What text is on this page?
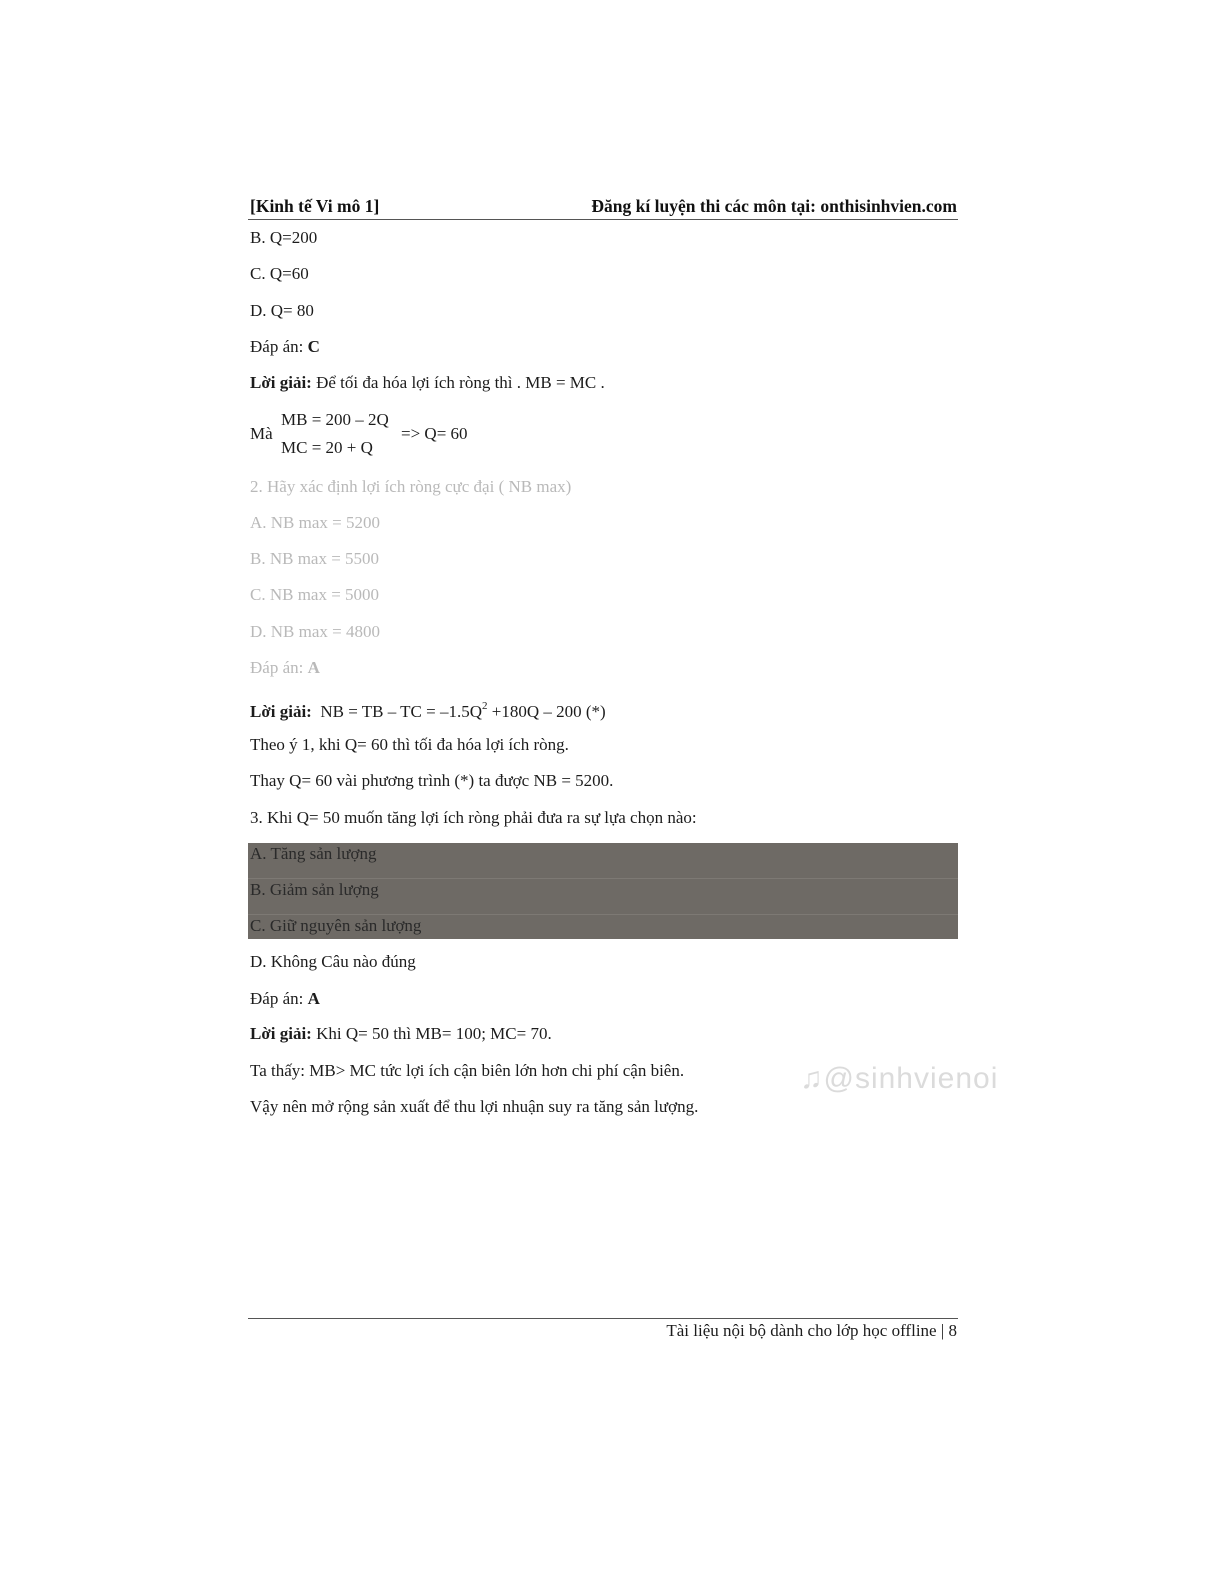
[Kinh tế Vi mô 1]	Đăng kí luyện thi các môn tại: onthisinhvien.com
B. Q=200
C. Q=60
D. Q= 80
Đáp án: C
Lời giải: Để tối đa hóa lợi ích ròng thì . MB = MC .
Mà
MB = 200 – 2Q
MC = 20 + Q
=> Q= 60
2. Hãy xác định lợi ích ròng cực đại ( NB max)
A. NB max = 5200
B. NB max = 5500
C. NB max = 5000
D. NB max = 4800
Đáp án: A
Lời giải: NB = TB – TC = $-1.5Q^2 +180Q - 200$ (*)
Theo ý 1, khi Q= 60 thì tối đa hóa lợi ích ròng.
Thay Q= 60 vài phương trình (*) ta được NB = 5200.
3. Khi Q= 50 muốn tăng lợi ích ròng phải đưa ra sự lựa chọn nào:
A. Tăng sản lượng
B. Giảm sản lượng
C. Giữ nguyên sản lượng
D. Không Câu nào đúng
Đáp án: A
Lời giải: Khi Q= 50 thì MB= 100; MC= 70.
Ta thấy: MB> MC tức lợi ích cận biên lớn hơn chi phí cận biên.
Vậy nên mở rộng sản xuất để thu lợi nhuận suy ra tăng sản lượng.
♫@sinhvienoi
Tài liệu nội bộ dành cho lớp học offline | 8
